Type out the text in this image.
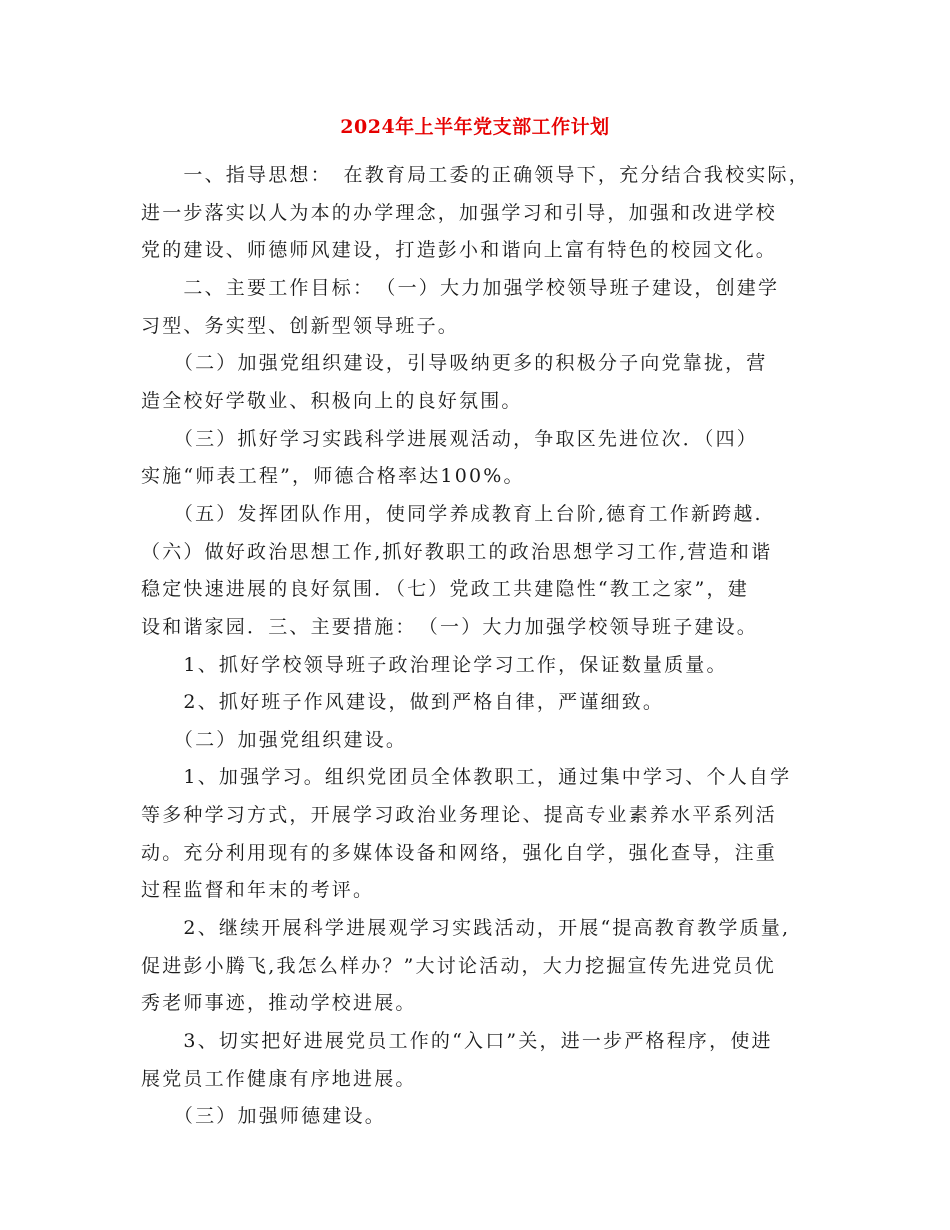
2024年上半年党支部工作计划
　　一、指导思想：　在教育局工委的正确领导下，充分结合我校实际，
进一步落实以人为本的办学理念，加强学习和引导，加强和改进学校
党的建设、师德师风建设，打造彭小和谐向上富有特色的校园文化。
　　二、主要工作目标：　（一）大力加强学校领导班子建设，创建学
习型、务实型、创新型领导班子。
　　（二）加强党组织建设，引导吸纳更多的积极分子向党靠拢，营
造全校好学敬业、积极向上的良好氛围。
　　（三）抓好学习实践科学进展观活动，争取区先进位次．（四）
实施“师表工程”，师德合格率达100%。
　　（五）发挥团队作用，使同学养成教育上台阶,德育工作新跨越.
（六）做好政治思想工作,抓好教职工的政治思想学习工作,营造和谐
稳定快速进展的良好氛围．（七）党政工共建隐性“教工之家”，建
设和谐家园．三、主要措施：　（一）大力加强学校领导班子建设。
　　1、抓好学校领导班子政治理论学习工作，保证数量质量。
　　2、抓好班子作风建设，做到严格自律，严谨细致。
　　（二）加强党组织建设。
　　1、加强学习。组织党团员全体教职工，通过集中学习、个人自学
等多种学习方式，开展学习政治业务理论、提高专业素养水平系列活
动。充分利用现有的多媒体设备和网络，强化自学，强化查导，注重
过程监督和年末的考评。
　　2、继续开展科学进展观学习实践活动，开展“提高教育教学质量,
促进彭小腾飞,我怎么样办？”大讨论活动，大力挖掘宣传先进党员优
秀老师事迹，推动学校进展。
　　3、切实把好进展党员工作的“入口”关，进一步严格程序，使进
展党员工作健康有序地进展。
　　（三）加强师德建设。
